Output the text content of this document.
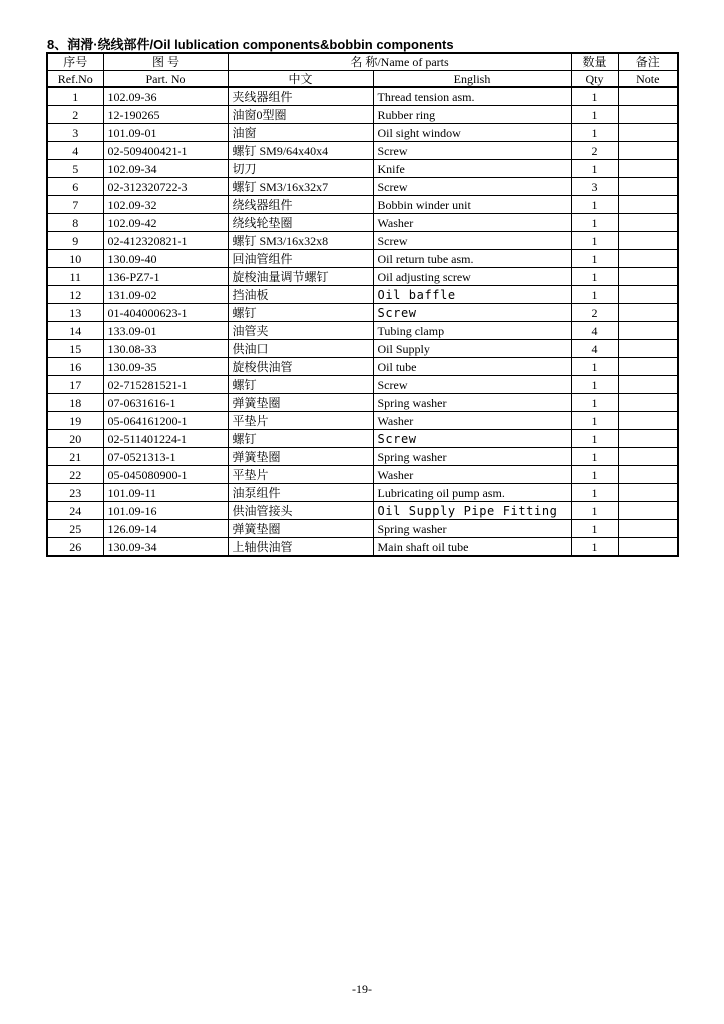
8、润滑·绕线部件/Oil lublication components&bobbin components
序号	图 号	名 称/Name of parts		数量	备注
Ref.No	Part. No	中文	English	Qty	Note
1	102.09-36	夹线器组件	Thread tension asm.	1	
2	12-190265	油窗0型圈	Rubber ring	1	
3	101.09-01	油窗	Oil sight window	1	
4	02-509400421-1	螺钉 SM9/64x40x4	Screw	2	
5	102.09-34	切刀	Knife	1	
6	02-312320722-3	螺钉 SM3/16x32x7	Screw	3	
7	102.09-32	绕线器组件	Bobbin winder unit	1	
8	102.09-42	绕线轮垫圈	Washer	1	
9	02-412320821-1	螺钉 SM3/16x32x8	Screw	1	
10	130.09-40	回油管组件	Oil return tube asm.	1	
11	136-PZ7-1	旋梭油量调节螺钉	Oil adjusting screw	1	
12	131.09-02	挡油板	Oil baffle	1	
13	01-404000623-1	螺钉	Screw	2	
14	133.09-01	油管夹	Tubing clamp	4	
15	130.08-33	供油口	Oil Supply	4	
16	130.09-35	旋梭供油管	Oil tube	1	
17	02-715281521-1	螺钉	Screw	1	
18	07-0631616-1	弹簧垫圈	Spring washer	1	
19	05-064161200-1	平垫片	Washer	1	
20	02-511401224-1	螺钉	Screw	1	
21	07-0521313-1	弹簧垫圈	Spring washer	1	
22	05-045080900-1	平垫片	Washer	1	
23	101.09-11	油泵组件	Lubricating oil pump asm.	1	
24	101.09-16	供油管接头	Oil Supply Pipe Fitting	1	
25	126.09-14	弹簧垫圈	Spring washer	1	
26	130.09-34	上轴供油管	Main shaft oil tube	1	
-19-
